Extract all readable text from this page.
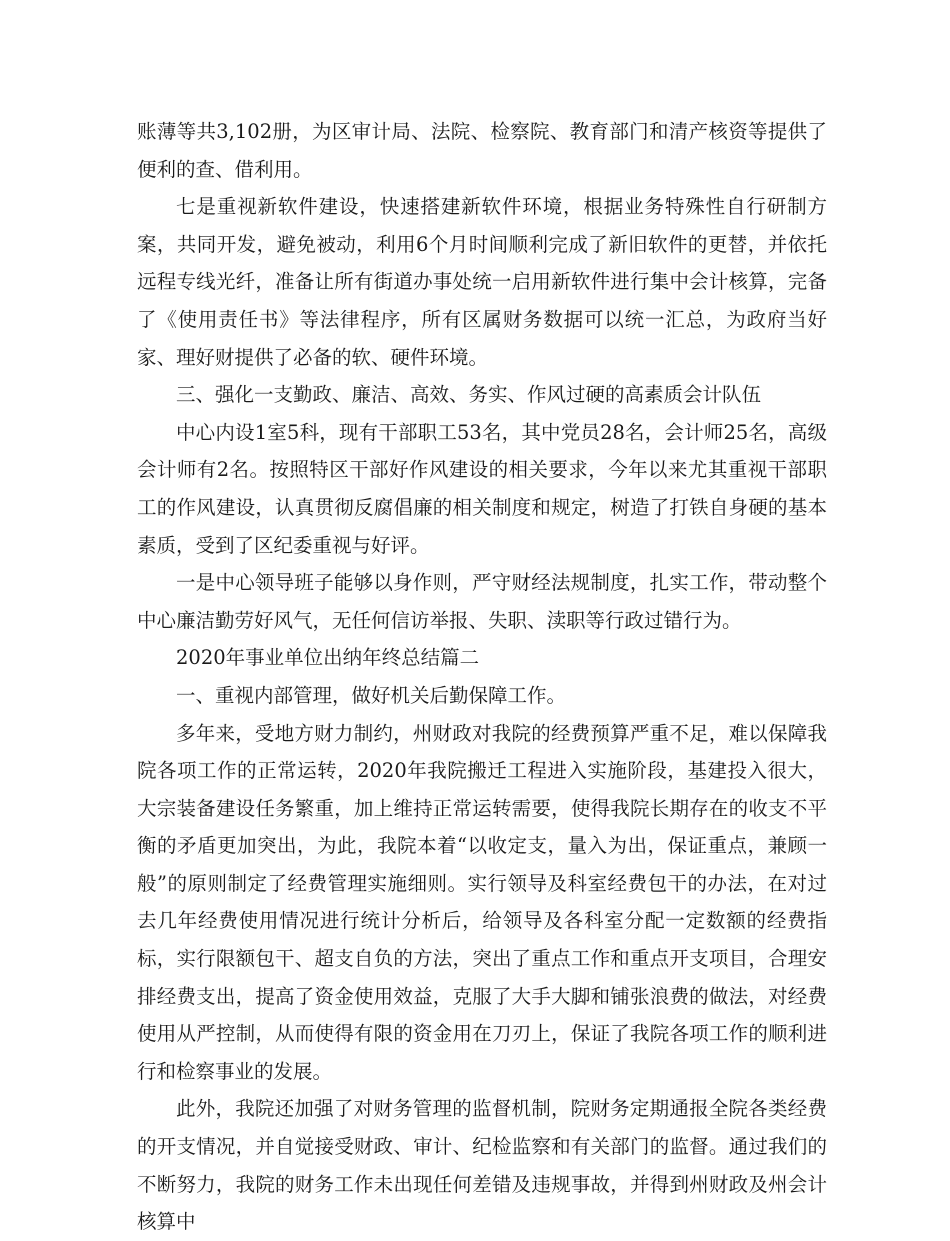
账薄等共3,102册，为区审计局、法院、检察院、教育部门和清产核资等提供了便利的查、借利用。

七是重视新软件建设，快速搭建新软件环境，根据业务特殊性自行研制方案，共同开发，避免被动，利用6个月时间顺利完成了新旧软件的更替，并依托远程专线光纤，准备让所有街道办事处统一启用新软件进行集中会计核算，完备了《使用责任书》等法律程序，所有区属财务数据可以统一汇总，为政府当好家、理好财提供了必备的软、硬件环境。

三、强化一支勤政、廉洁、高效、务实、作风过硬的高素质会计队伍

中心内设1室5科，现有干部职工53名，其中党员28名，会计师25名，高级会计师有2名。按照特区干部好作风建设的相关要求，今年以来尤其重视干部职工的作风建设，认真贯彻反腐倡廉的相关制度和规定，树造了打铁自身硬的基本素质，受到了区纪委重视与好评。

一是中心领导班子能够以身作则，严守财经法规制度，扎实工作，带动整个中心廉洁勤劳好风气，无任何信访举报、失职、渎职等行政过错行为。

2020年事业单位出纳年终总结篇二

一、重视内部管理，做好机关后勤保障工作。

多年来，受地方财力制约，州财政对我院的经费预算严重不足，难以保障我院各项工作的正常运转，2020年我院搬迁工程进入实施阶段，基建投入很大，大宗装备建设任务繁重，加上维持正常运转需要，使得我院长期存在的收支不平衡的矛盾更加突出，为此，我院本着“以收定支，量入为出，保证重点，兼顾一般”的原则制定了经费管理实施细则。实行领导及科室经费包干的办法，在对过去几年经费使用情况进行统计分析后，给领导及各科室分配一定数额的经费指标，实行限额包干、超支自负的方法，突出了重点工作和重点开支项目，合理安排经费支出，提高了资金使用效益，克服了大手大脚和铺张浪费的做法，对经费使用从严控制，从而使得有限的资金用在刀刃上，保证了我院各项工作的顺利进行和检察事业的发展。

此外，我院还加强了对财务管理的监督机制，院财务定期通报全院各类经费的开支情况，并自觉接受财政、审计、纪检监察和有关部门的监督。通过我们的不断努力，我院的财务工作未出现任何差错及违规事故，并得到州财政及州会计核算中
